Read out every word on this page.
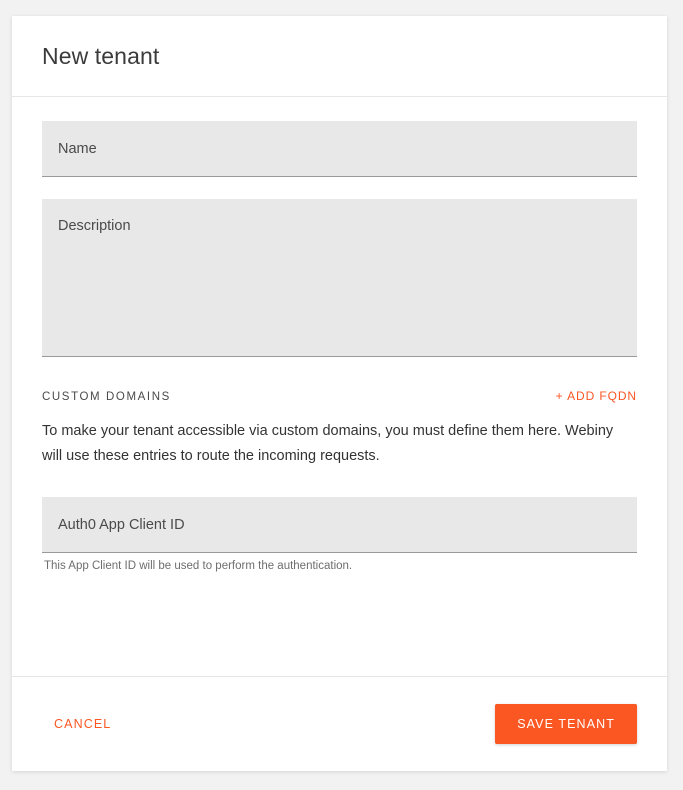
New tenant
Name
Description
CUSTOM DOMAINS	+ ADD FQDN
To make your tenant accessible via custom domains, you must define them here. Webiny will use these entries to route the incoming requests.
Auth0 App Client ID
This App Client ID will be used to perform the authentication.
CANCEL	SAVE TENANT
